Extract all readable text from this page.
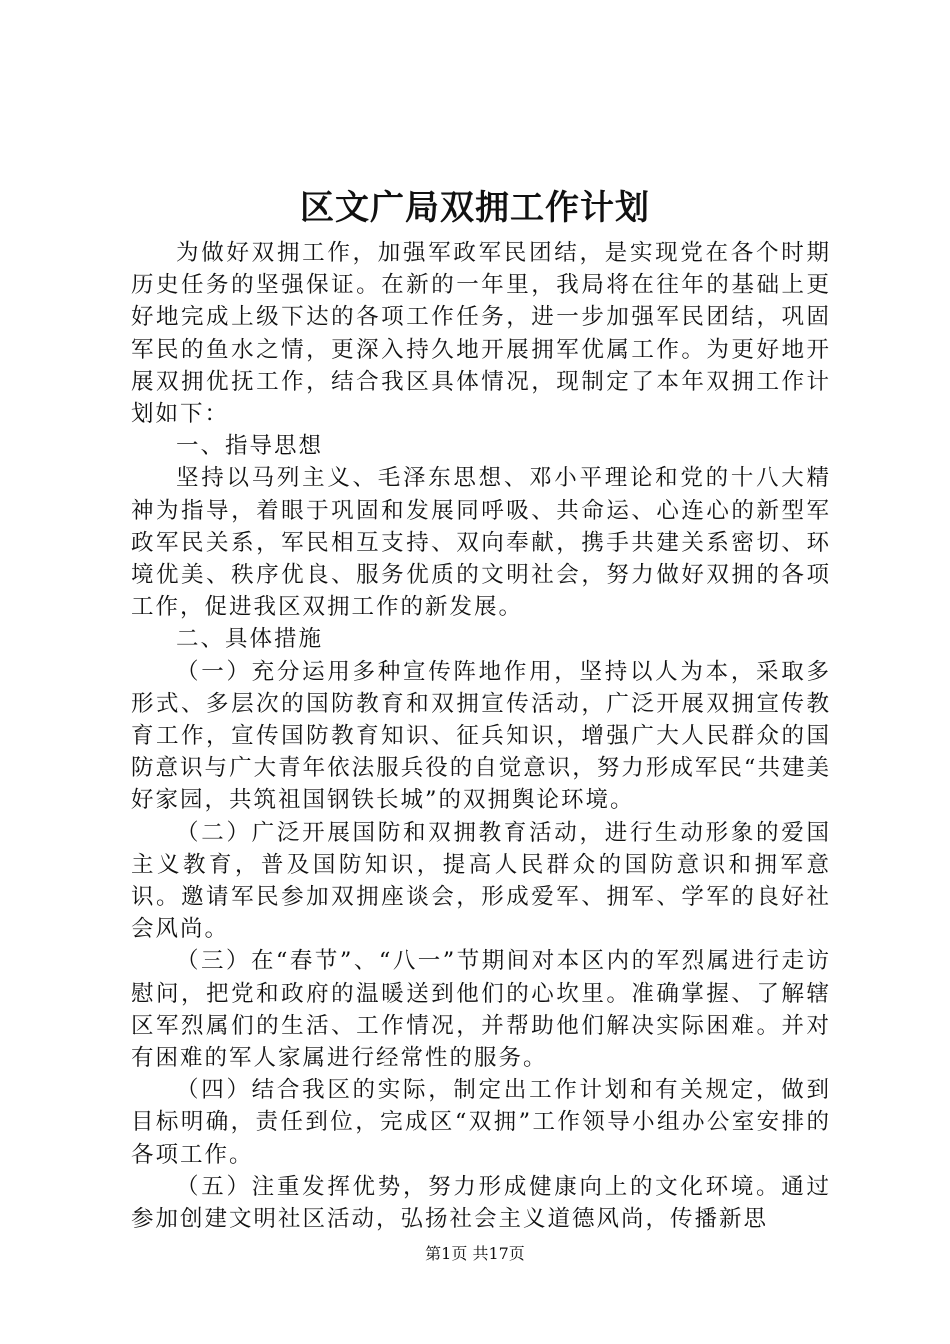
区文广局双拥工作计划

为做好双拥工作，加强军政军民团结，是实现党在各个时期历史任务的坚强保证。在新的一年里，我局将在往年的基础上更好地完成上级下达的各项工作任务，进一步加强军民团结，巩固军民的鱼水之情，更深入持久地开展拥军优属工作。为更好地开展双拥优抚工作，结合我区具体情况，现制定了本年双拥工作计划如下：

一、指导思想

坚持以马列主义、毛泽东思想、邓小平理论和党的十八大精神为指导，着眼于巩固和发展同呼吸、共命运、心连心的新型军政军民关系，军民相互支持、双向奉献，携手共建关系密切、环境优美、秩序优良、服务优质的文明社会，努力做好双拥的各项工作，促进我区双拥工作的新发展。

二、具体措施

（一）充分运用多种宣传阵地作用，坚持以人为本，采取多形式、多层次的国防教育和双拥宣传活动，广泛开展双拥宣传教育工作，宣传国防教育知识、征兵知识，增强广大人民群众的国防意识与广大青年依法服兵役的自觉意识，努力形成军民“共建美好家园，共筑祖国钢铁长城”的双拥舆论环境。

（二）广泛开展国防和双拥教育活动，进行生动形象的爱国主义教育，普及国防知识，提高人民群众的国防意识和拥军意识。邀请军民参加双拥座谈会，形成爱军、拥军、学军的良好社会风尚。

（三）在“春节”、“八一”节期间对本区内的军烈属进行走访慰问，把党和政府的温暖送到他们的心坎里。准确掌握、了解辖区军烈属们的生活、工作情况，并帮助他们解决实际困难。并对有困难的军人家属进行经常性的服务。

（四）结合我区的实际，制定出工作计划和有关规定，做到目标明确，责任到位，完成区“双拥”工作领导小组办公室安排的各项工作。

（五）注重发挥优势，努力形成健康向上的文化环境。通过参加创建文明社区活动，弘扬社会主义道德风尚，传播新思

第1页 共17页
